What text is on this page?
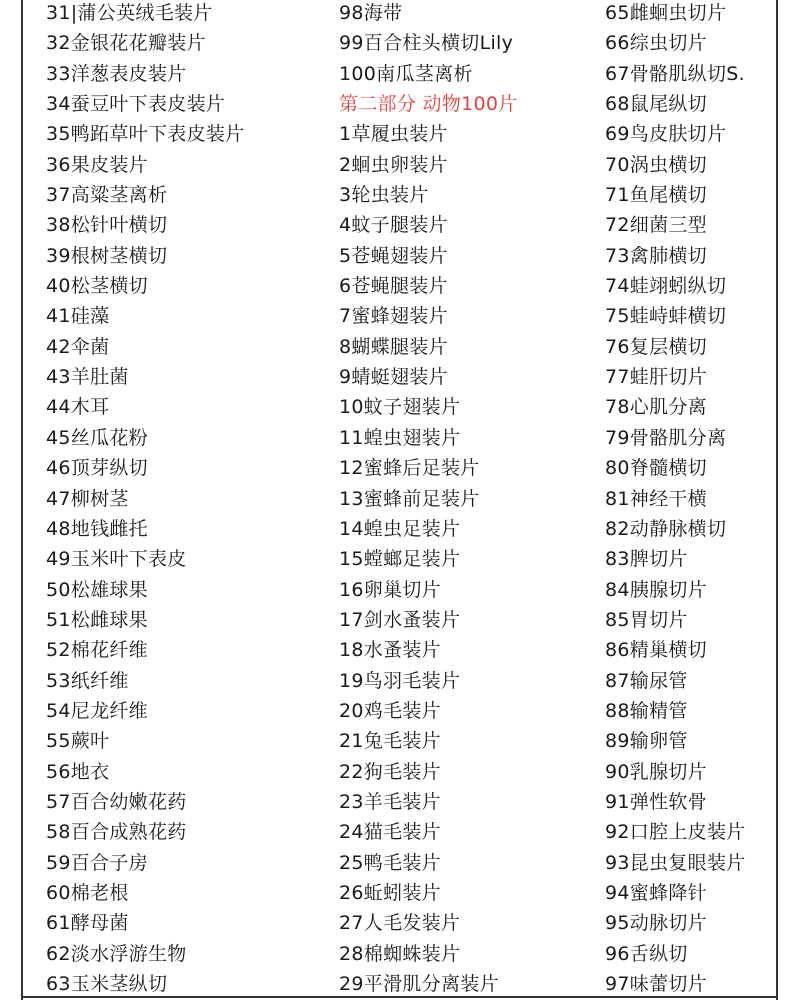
31|蒲公英绒毛装片
32金银花花瓣装片
33洋葱表皮装片
34蚕豆叶下表皮装片
35鸭跖草叶下表皮装片
36果皮装片
37高粱茎离析
38松针叶横切
39根树茎横切
40松茎横切
41硅藻
42伞菌
43羊肚菌
44木耳
45丝瓜花粉
46顶芽纵切
47柳树茎
48地钱雌托
49玉米叶下表皮
50松雄球果
51松雌球果
52棉花纤维
53纸纤维
54尼龙纤维
55蕨叶
56地衣
57百合幼嫩花药
58百合成熟花药
59百合子房
60棉老根
61酵母菌
62淡水浮游生物
63玉米茎纵切
98海带
99百合柱头横切Lily
100南瓜茎离析
第二部分 动物100片
1草履虫装片
2蛔虫卵装片
3轮虫装片
4蚊子腿装片
5苍蝇翅装片
6苍蝇腿装片
7蜜蜂翅装片
8蝴蝶腿装片
9蜻蜓翅装片
10蚊子翅装片
11蝗虫翅装片
12蜜蜂后足装片
13蜜蜂前足装片
14蝗虫足装片
15螳螂足装片
16卵巢切片
17剑水蚤装片
18水蚤装片
19鸟羽毛装片
20鸡毛装片
21兔毛装片
22狗毛装片
23羊毛装片
24猫毛装片
25鸭毛装片
26蚯蚓装片
27人毛发装片
28棉蜘蛛装片
29平滑肌分离装片
65雌蛔虫切片
66综虫切片
67骨骼肌纵切S.
68鼠尾纵切
69鸟皮肤切片
70涡虫横切
71鱼尾横切
72细菌三型
73禽肺横切
74蛙翊蚓纵切
75蛙峙蚌横切
76复层横切
77蛙肝切片
78心肌分离
79骨骼肌分离
80脊髓横切
81神经干横
82动静脉横切
83脾切片
84胰腺切片
85胃切片
86精巢横切
87输尿管
88输精管
89输卵管
90乳腺切片
91弹性软骨
92口腔上皮装片
93昆虫复眼装片
94蜜蜂降针
95动脉切片
96舌纵切
97味蕾切片
